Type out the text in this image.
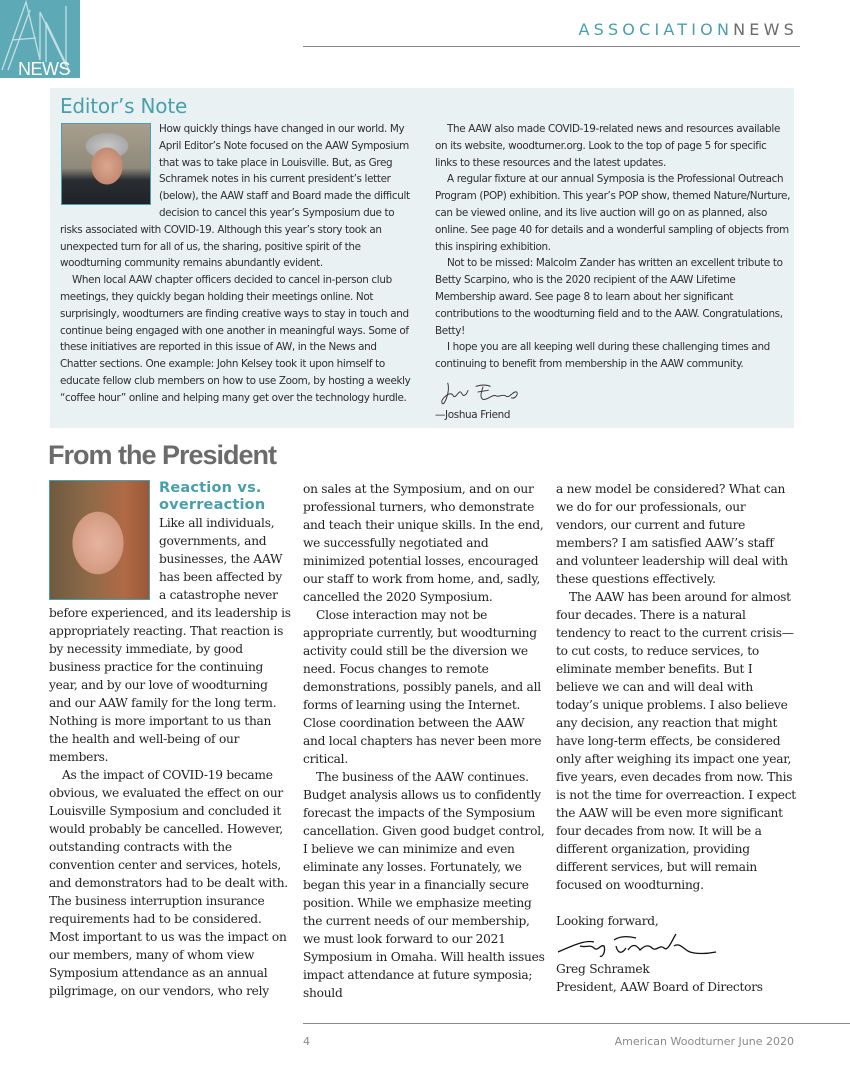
NEWS
ASSOCIATIONNEWS
Editor’s Note

How quickly things have changed in our world. My April Editor’s Note focused on the AAW Symposium that was to take place in Louisville. But, as Greg Schramek notes in his current president’s letter (below), the AAW staff and Board made the difficult decision to cancel this year’s Symposium due to risks associated with COVID-19. Although this year’s story took an unexpected turn for all of us, the sharing, positive spirit of the woodturning community remains abundantly evident.

When local AAW chapter officers decided to cancel in-person club meetings, they quickly began holding their meetings online. Not surprisingly, woodturners are finding creative ways to stay in touch and continue being engaged with one another in meaningful ways. Some of these initiatives are reported in this issue of AW, in the News and Chatter sections. One example: John Kelsey took it upon himself to educate fellow club members on how to use Zoom, by hosting a weekly “coffee hour” online and helping many get over the technology hurdle.

The AAW also made COVID-19-related news and resources available on its website, woodturner.org. Look to the top of page 5 for specific links to these resources and the latest updates.

A regular fixture at our annual Symposia is the Professional Outreach Program (POP) exhibition. This year’s POP show, themed Nature/Nurture, can be viewed online, and its live auction will go on as planned, also online. See page 40 for details and a wonderful sampling of objects from this inspiring exhibition.

Not to be missed: Malcolm Zander has written an excellent tribute to Betty Scarpino, who is the 2020 recipient of the AAW Lifetime Membership award. See page 8 to learn about her significant contributions to the woodturning field and to the AAW. Congratulations, Betty!

I hope you are all keeping well during these challenging times and continuing to benefit from membership in the AAW community.

—Joshua Friend

From the President
Reaction vs. overreaction

Like all individuals, governments, and businesses, the AAW has been affected by a catastrophe never before experienced, and its leadership is appropriately reacting. That reaction is by necessity immediate, by good business practice for the continuing year, and by our love of woodturning and our AAW family for the long term. Nothing is more important to us than the health and well-being of our members.

As the impact of COVID-19 became obvious, we evaluated the effect on our Louisville Symposium and concluded it would probably be cancelled. However, outstanding contracts with the convention center and services, hotels, and demonstrators had to be dealt with. The business interruption insurance requirements had to be considered. Most important to us was the impact on our members, many of whom view Symposium attendance as an annual pilgrimage, on our vendors, who rely

on sales at the Symposium, and on our professional turners, who demonstrate and teach their unique skills. In the end, we successfully negotiated and minimized potential losses, encouraged our staff to work from home, and, sadly, cancelled the 2020 Symposium.

Close interaction may not be appropriate currently, but woodturning activity could still be the diversion we need. Focus changes to remote demonstrations, possibly panels, and all forms of learning using the Internet. Close coordination between the AAW and local chapters has never been more critical.

The business of the AAW continues. Budget analysis allows us to confidently forecast the impacts of the Symposium cancellation. Given good budget control, I believe we can minimize and even eliminate any losses. Fortunately, we began this year in a financially secure position. While we emphasize meeting the current needs of our membership, we must look forward to our 2021 Symposium in Omaha. Will health issues impact attendance at future symposia; should

a new model be considered? What can we do for our professionals, our vendors, our current and future members? I am satisfied AAW’s staff and volunteer leadership will deal with these questions effectively.

The AAW has been around for almost four decades. There is a natural tendency to react to the current crisis—to cut costs, to reduce services, to eliminate member benefits. But I believe we can and will deal with today’s unique problems. I also believe any decision, any reaction that might have long-term effects, be considered only after weighing its impact one year, five years, even decades from now. This is not the time for overreaction. I expect the AAW will be even more significant four decades from now. It will be a different organization, providing different services, but will remain focused on woodturning.

Looking forward,

Greg Schramek

President, AAW Board of Directors

4	American Woodturner June 2020
